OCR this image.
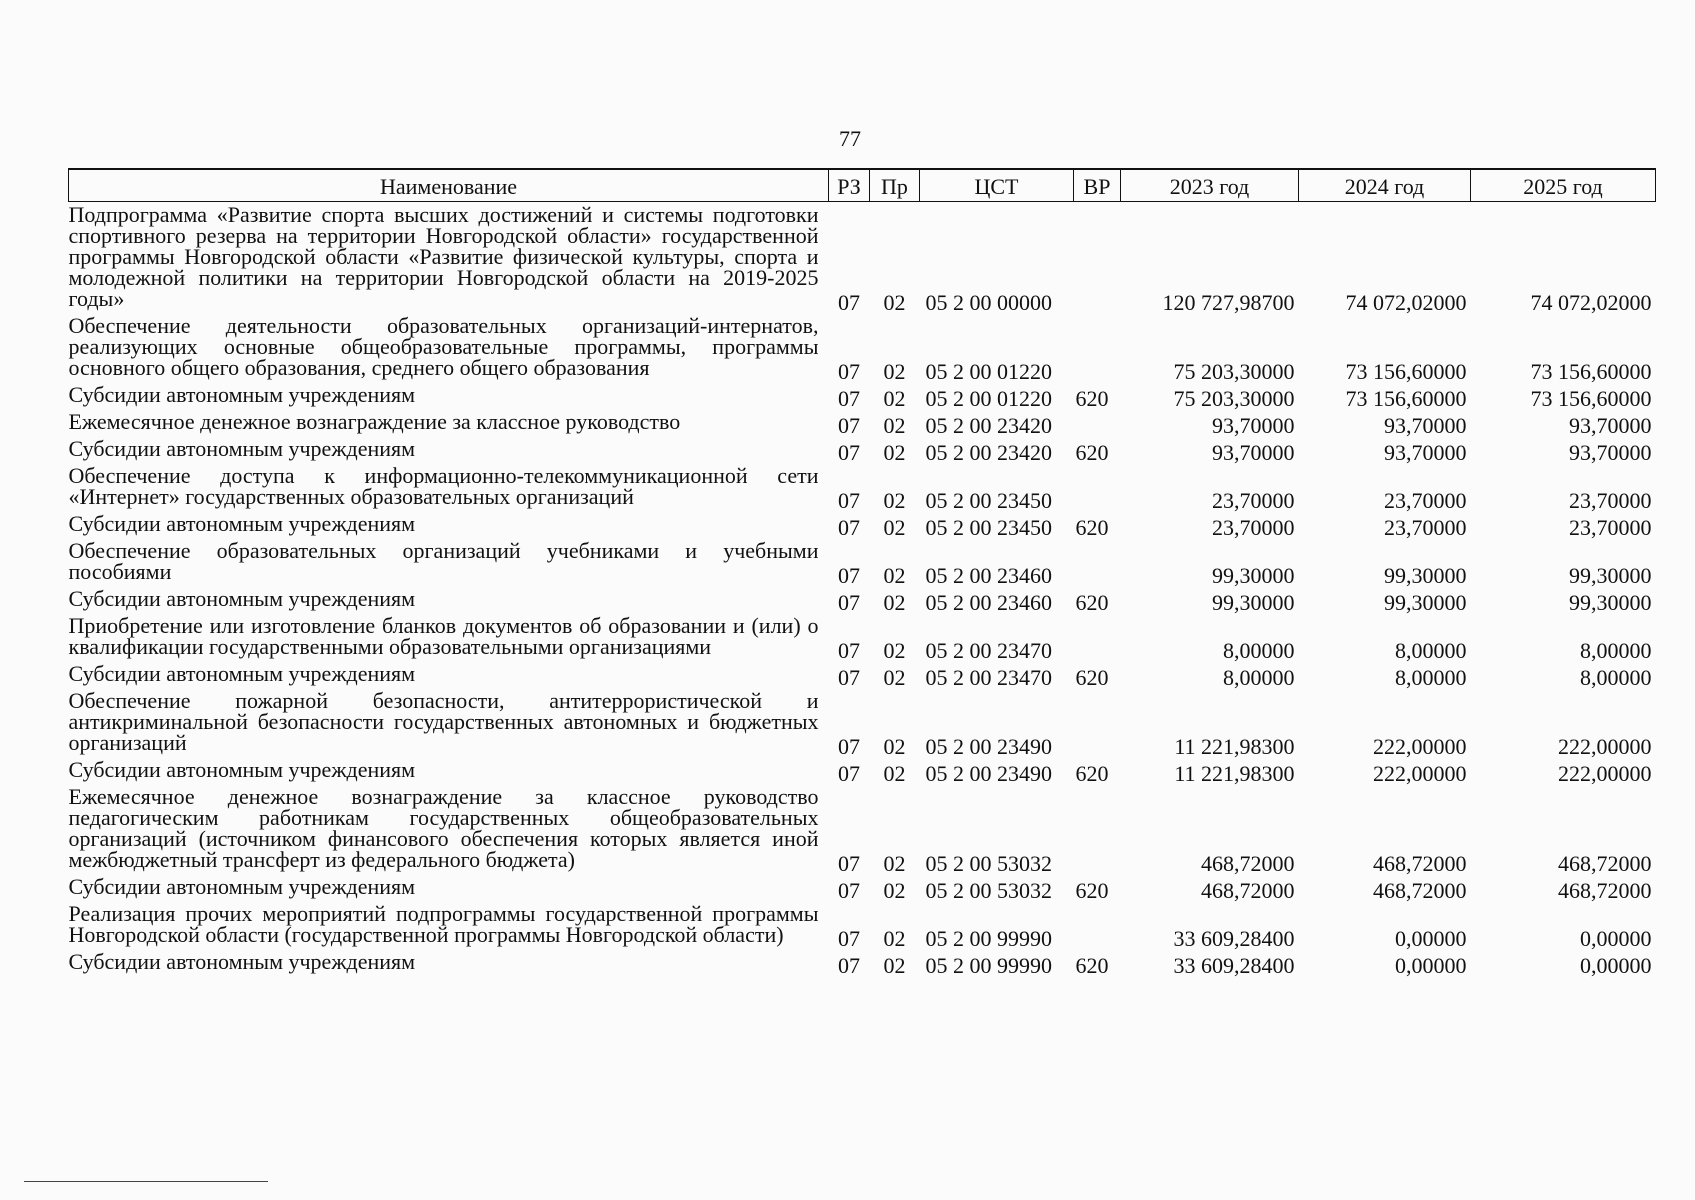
77
Наименование	РЗ	Пр	ЦСТ	ВР	2023 год	2024 год	2025 год
Подпрограмма «Развитие спорта высших достижений и системы подготовки спортивного резерва на территории Новгородской области» государственной программы Новгородской области «Развитие физической культуры, спорта и молодежной политики на территории Новгородской области на 2019-2025 годы»	07	02	05 2 00 00000		120 727,98700	74 072,02000	74 072,02000
Обеспечение деятельности образовательных организаций-интернатов, реализующих основные общеобразовательные программы, программы основного общего образования, среднего общего образования	07	02	05 2 00 01220		75 203,30000	73 156,60000	73 156,60000
Субсидии автономным учреждениям	07	02	05 2 00 01220	620	75 203,30000	73 156,60000	73 156,60000
Ежемесячное денежное вознаграждение за классное руководство	07	02	05 2 00 23420		93,70000	93,70000	93,70000
Субсидии автономным учреждениям	07	02	05 2 00 23420	620	93,70000	93,70000	93,70000
Обеспечение доступа к информационно-телекоммуникационной сети «Интернет» государственных образовательных организаций	07	02	05 2 00 23450		23,70000	23,70000	23,70000
Субсидии автономным учреждениям	07	02	05 2 00 23450	620	23,70000	23,70000	23,70000
Обеспечение образовательных организаций учебниками и учебными пособиями	07	02	05 2 00 23460		99,30000	99,30000	99,30000
Субсидии автономным учреждениям	07	02	05 2 00 23460	620	99,30000	99,30000	99,30000
Приобретение или изготовление бланков документов об образовании и (или) о квалификации государственными образовательными организациями	07	02	05 2 00 23470		8,00000	8,00000	8,00000
Субсидии автономным учреждениям	07	02	05 2 00 23470	620	8,00000	8,00000	8,00000
Обеспечение пожарной безопасности, антитеррористической и антикриминальной безопасности государственных автономных и бюджетных организаций	07	02	05 2 00 23490		11 221,98300	222,00000	222,00000
Субсидии автономным учреждениям	07	02	05 2 00 23490	620	11 221,98300	222,00000	222,00000
Ежемесячное денежное вознаграждение за классное руководство педагогическим работникам государственных общеобразовательных организаций (источником финансового обеспечения которых является иной межбюджетный трансферт из федерального бюджета)	07	02	05 2 00 53032		468,72000	468,72000	468,72000
Субсидии автономным учреждениям	07	02	05 2 00 53032	620	468,72000	468,72000	468,72000
Реализация прочих мероприятий подпрограммы государственной программы Новгородской области (государственной программы Новгородской области)	07	02	05 2 00 99990		33 609,28400	0,00000	0,00000
Субсидии автономным учреждениям	07	02	05 2 00 99990	620	33 609,28400	0,00000	0,00000
